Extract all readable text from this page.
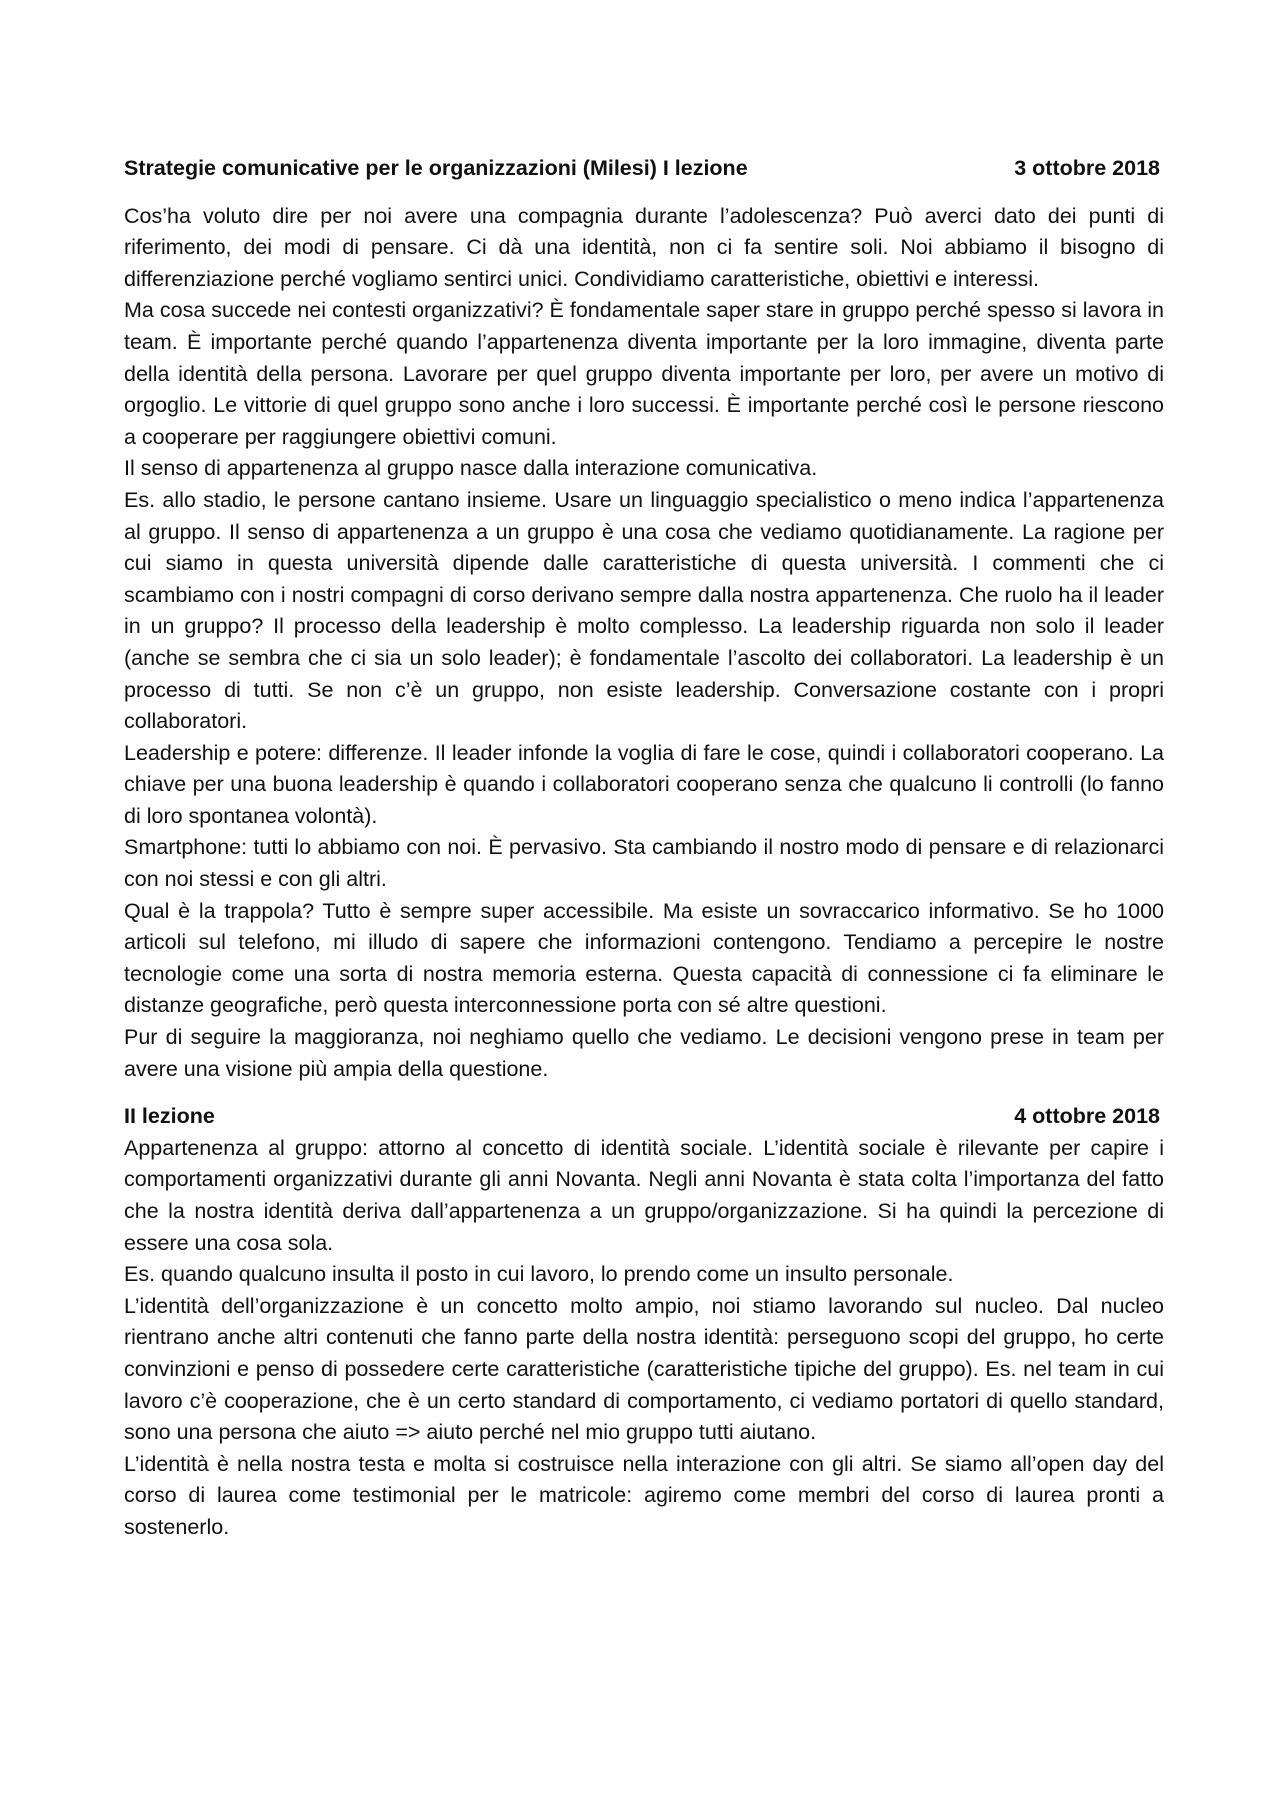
Strategie comunicative per le organizzazioni (Milesi) I lezione	3 ottobre 2018

Cos’ha voluto dire per noi avere una compagnia durante l’adolescenza? Può averci dato dei punti di riferimento, dei modi di pensare. Ci dà una identità, non ci fa sentire soli. Noi abbiamo il bisogno di differenziazione perché vogliamo sentirci unici. Condividiamo caratteristiche, obiettivi e interessi.

Ma cosa succede nei contesti organizzativi? È fondamentale saper stare in gruppo perché spesso si lavora in team. È importante perché quando l’appartenenza diventa importante per la loro immagine, diventa parte della identità della persona. Lavorare per quel gruppo diventa importante per loro, per avere un motivo di orgoglio. Le vittorie di quel gruppo sono anche i loro successi. È importante perché così le persone riescono a cooperare per raggiungere obiettivi comuni.

Il senso di appartenenza al gruppo nasce dalla interazione comunicativa.

Es. allo stadio, le persone cantano insieme. Usare un linguaggio specialistico o meno indica l’appartenenza al gruppo. Il senso di appartenenza a un gruppo è una cosa che vediamo quotidianamente. La ragione per cui siamo in questa università dipende dalle caratteristiche di questa università. I commenti che ci scambiamo con i nostri compagni di corso derivano sempre dalla nostra appartenenza. Che ruolo ha il leader in un gruppo? Il processo della leadership è molto complesso. La leadership riguarda non solo il leader (anche se sembra che ci sia un solo leader); è fondamentale l’ascolto dei collaboratori. La leadership è un processo di tutti. Se non c’è un gruppo, non esiste leadership. Conversazione costante con i propri collaboratori.

Leadership e potere: differenze. Il leader infonde la voglia di fare le cose, quindi i collaboratori cooperano. La chiave per una buona leadership è quando i collaboratori cooperano senza che qualcuno li controlli (lo fanno di loro spontanea volontà).

Smartphone: tutti lo abbiamo con noi. È pervasivo. Sta cambiando il nostro modo di pensare e di relazionarci con noi stessi e con gli altri.

Qual è la trappola? Tutto è sempre super accessibile. Ma esiste un sovraccarico informativo. Se ho 1000 articoli sul telefono, mi illudo di sapere che informazioni contengono. Tendiamo a percepire le nostre tecnologie come una sorta di nostra memoria esterna. Questa capacità di connessione ci fa eliminare le distanze geografiche, però questa interconnessione porta con sé altre questioni.

Pur di seguire la maggioranza, noi neghiamo quello che vediamo. Le decisioni vengono prese in team per avere una visione più ampia della questione.

II lezione	4 ottobre 2018

Appartenenza al gruppo: attorno al concetto di identità sociale. L’identità sociale è rilevante per capire i comportamenti organizzativi durante gli anni Novanta. Negli anni Novanta è stata colta l’importanza del fatto che la nostra identità deriva dall’appartenenza a un gruppo/organizzazione. Si ha quindi la percezione di essere una cosa sola.

Es. quando qualcuno insulta il posto in cui lavoro, lo prendo come un insulto personale.

L’identità dell’organizzazione è un concetto molto ampio, noi stiamo lavorando sul nucleo. Dal nucleo rientrano anche altri contenuti che fanno parte della nostra identità: perseguono scopi del gruppo, ho certe convinzioni e penso di possedere certe caratteristiche (caratteristiche tipiche del gruppo). Es. nel team in cui lavoro c’è cooperazione, che è un certo standard di comportamento, ci vediamo portatori di quello standard, sono una persona che aiuto => aiuto perché nel mio gruppo tutti aiutano.

L’identità è nella nostra testa e molta si costruisce nella interazione con gli altri. Se siamo all’open day del corso di laurea come testimonial per le matricole: agiremo come membri del corso di laurea pronti a sostenerlo.
